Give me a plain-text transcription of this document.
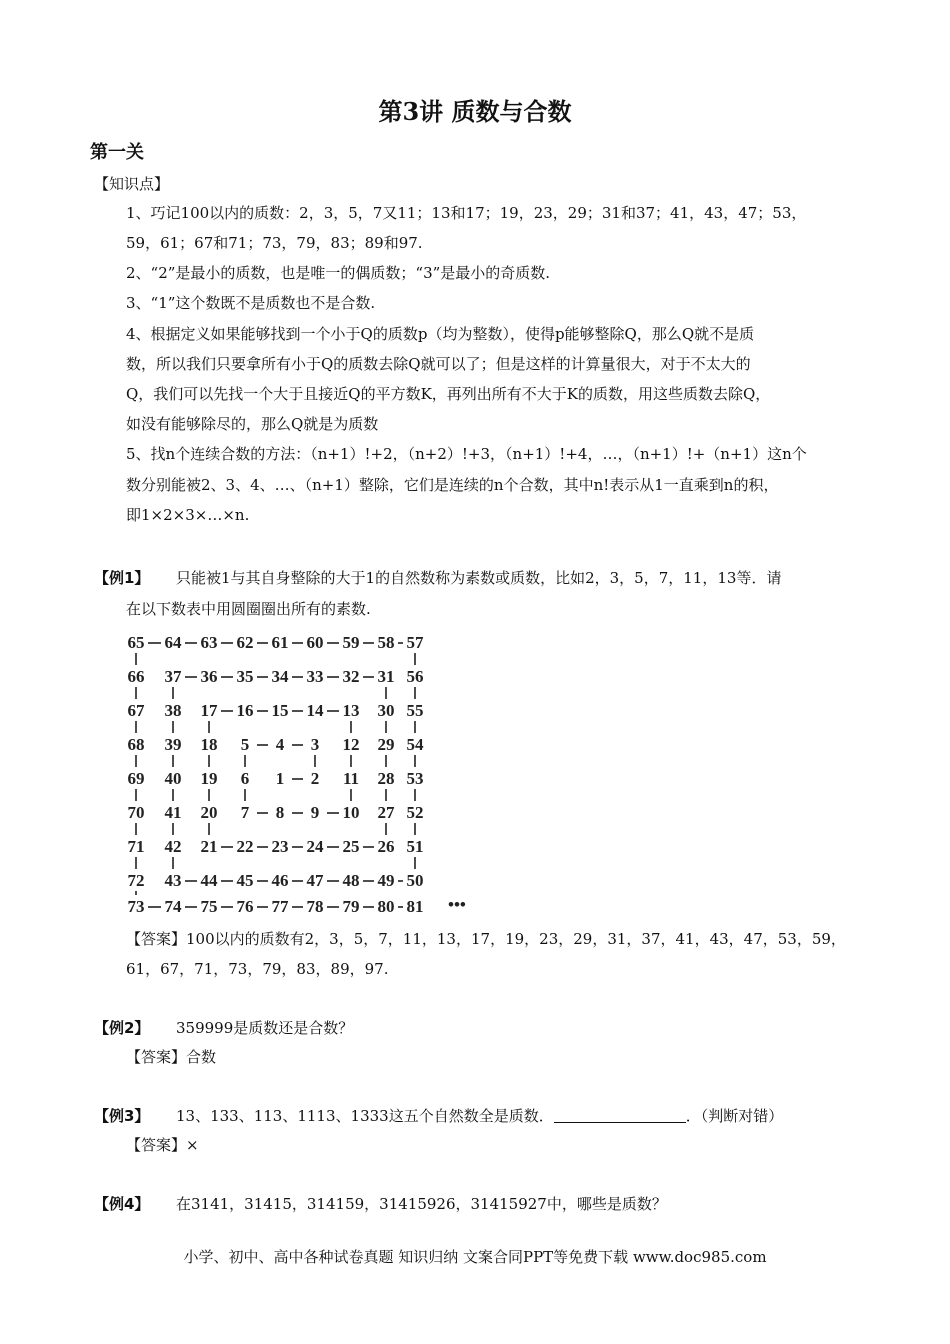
第3讲 质数与合数
第一关
【知识点】
1、巧记100以内的质数：2，3，5，7又11；13和17；19，23，29；31和37；41，43，47；53，
59，61；67和71；73，79，83；89和97.
2、“2”是最小的质数，也是唯一的偶质数；“3”是最小的奇质数.
3、“1”这个数既不是质数也不是合数.
4、根据定义如果能够找到一个小于Q的质数p（均为整数），使得p能够整除Q，那么Q就不是质
数，所以我们只要拿所有小于Q的质数去除Q就可以了；但是这样的计算量很大，对于不太大的
Q，我们可以先找一个大于且接近Q的平方数K，再列出所有不大于K的质数，用这些质数去除Q，
如没有能够除尽的，那么Q就是为质数
5、找n个连续合数的方法：（n+1）!+2，（n+2）!+3，（n+1）!+4，…，（n+1）!+（n+1）这n个
数分别能被2、3、4、…、（n+1）整除，它们是连续的n个合数，其中n!表示从1一直乘到n的积，
即1×2×3×…×n.
【例1】 只能被1与其自身整除的大于1的自然数称为素数或质数，比如2，3，5，7，11，13等．请
在以下数表中用圆圈圈出所有的素数.
65 64 63 62 61 60 59 58 57
66 37 36 35 34 33 32 31 56
67 38 17 16 15 14 13 30 55
68 39 18 5 4 3 12 29 54
69 40 19 6 1 2 11 28 53
70 41 20 7 8 9 10 27 52
71 42 21 22 23 24 25 26 51
72 43 44 45 46 47 48 49 50
73 74 75 76 77 78 79 80 81 •••
【答案】100以内的质数有2，3，5，7，11，13，17，19，23，29，31，37，41，43，47，53，59，
61，67，71，73，79，83，89，97.
【例2】 359999是质数还是合数？
【答案】合数
【例3】 13、133、113、1113、1333这五个自然数全是质数．	．（判断对错）
【答案】×
【例4】 在3141，31415，314159，31415926，31415927中，哪些是质数？
小学、初中、高中各种试卷真题 知识归纳 文案合同PPT等免费下载 www.doc985.com
